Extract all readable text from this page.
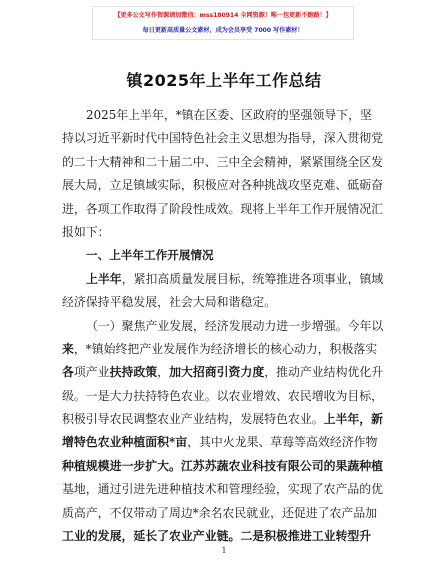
【更多公文写作资源请加微信：mss180914 全网资源！唯一包更新不跑路！】
每日更新高质量公文素材，成为会员享受 7000 写作素材！
镇2025年上半年工作总结
2025年上半年，*镇在区委、区政府的坚强领导下，坚
持以习近平新时代中国特色社会主义思想为指导，深入贯彻党
的二十大精神和二十届二中、三中全会精神，紧紧围绕全区发
展大局，立足镇域实际，积极应对各种挑战攻坚克难、砥砺奋
进，各项工作取得了阶段性成效。现将上半年工作开展情况汇
报如下：
一、上半年工作开展情况
上半年，紧扣高质量发展目标，统筹推进各项事业，镇域
经济保持平稳发展，社会大局和谐稳定。
（一）聚焦产业发展，经济发展动力进一步增强。今年以
来，*镇始终把产业发展作为经济增长的核心动力，积极落实
各项产业扶持政策，加大招商引资力度，推动产业结构优化升
级。一是大力扶持特色农业。以农业增效、农民增收为目标，
积极引导农民调整农业产业结构，发展特色农业。上半年，新
增特色农业种植面积*亩，其中火龙果、草莓等高效经济作物
种植规模进一步扩大。江苏苏蔬农业科技有限公司的果蔬种植
基地，通过引进先进种植技术和管理经验，实现了农产品的优
质高产，不仅带动了周边*余名农民就业，还促进了农产品加
工业的发展，延长了农业产业链。二是积极推进工业转型升
1
